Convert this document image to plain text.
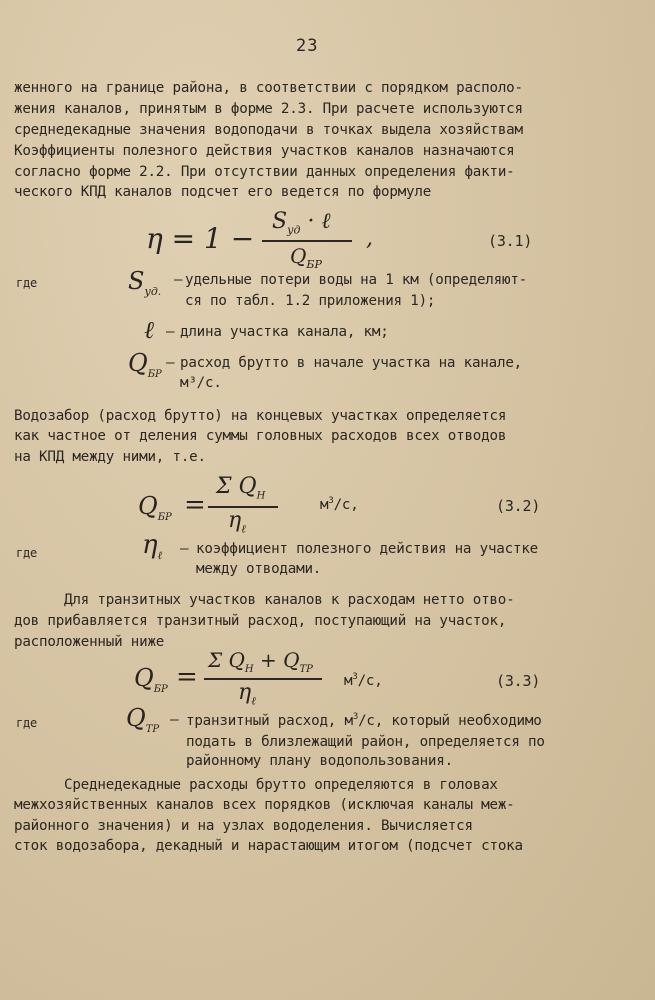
23
женного на границе района, в соответствии с порядком располо-
жения каналов, принятым в форме 2.3. При расчете используются
среднедекадные значения водоподачи в точках выдела хозяйствам
Коэффициенты полезного действия участков каналов назначаются
согласно форме 2.2. При отсутствии данных определения факти-
ческого КПД каналов подсчет его ведется по формуле
η = 1 −
$S_{уд}$ · ℓ
$Q_{БР}$
,	(3.1)
где	$S_{уд.}$
– удельные потери воды на 1 км (определяют-
ся по табл. 1.2 приложения 1);
ℓ – длина участка канала, км;
$Q_{БР}$
– расход брутто в начале участка на канале,
м³/с.
Водозабор (расход брутто) на концевых участках определяется
как частное от деления суммы головных расходов всех отводов
на КПД между ними, т.е.
$Q_{БР}$ =
Σ $Q_Н$
$\eta_\ell$
$м^3/с$,	(3.2)
где	$\eta_\ell$ – коэффициент полезного действия на участке
между отводами.
Для транзитных участков каналов к расходам нетто отво-
дов прибавляется транзитный расход, поступающий на участок,
расположенный ниже
$Q_{БР}$ =
Σ $Q_Н + Q_{ТР}$
$\eta_\ell$
$м^3/с$,	(3.3)
где	$Q_{ТР}$
– транзитный расход, $м^3/с$, который необходимо
подать в близлежащий район, определяется по
районному плану водопользования.
Среднедекадные расходы брутто определяются в головах
межхозяйственных каналов всех порядков (исключая каналы меж-
районного значения) и на узлах вододеления. Вычисляется
сток водозабора, декадный и нарастающим итогом (подсчет стока
